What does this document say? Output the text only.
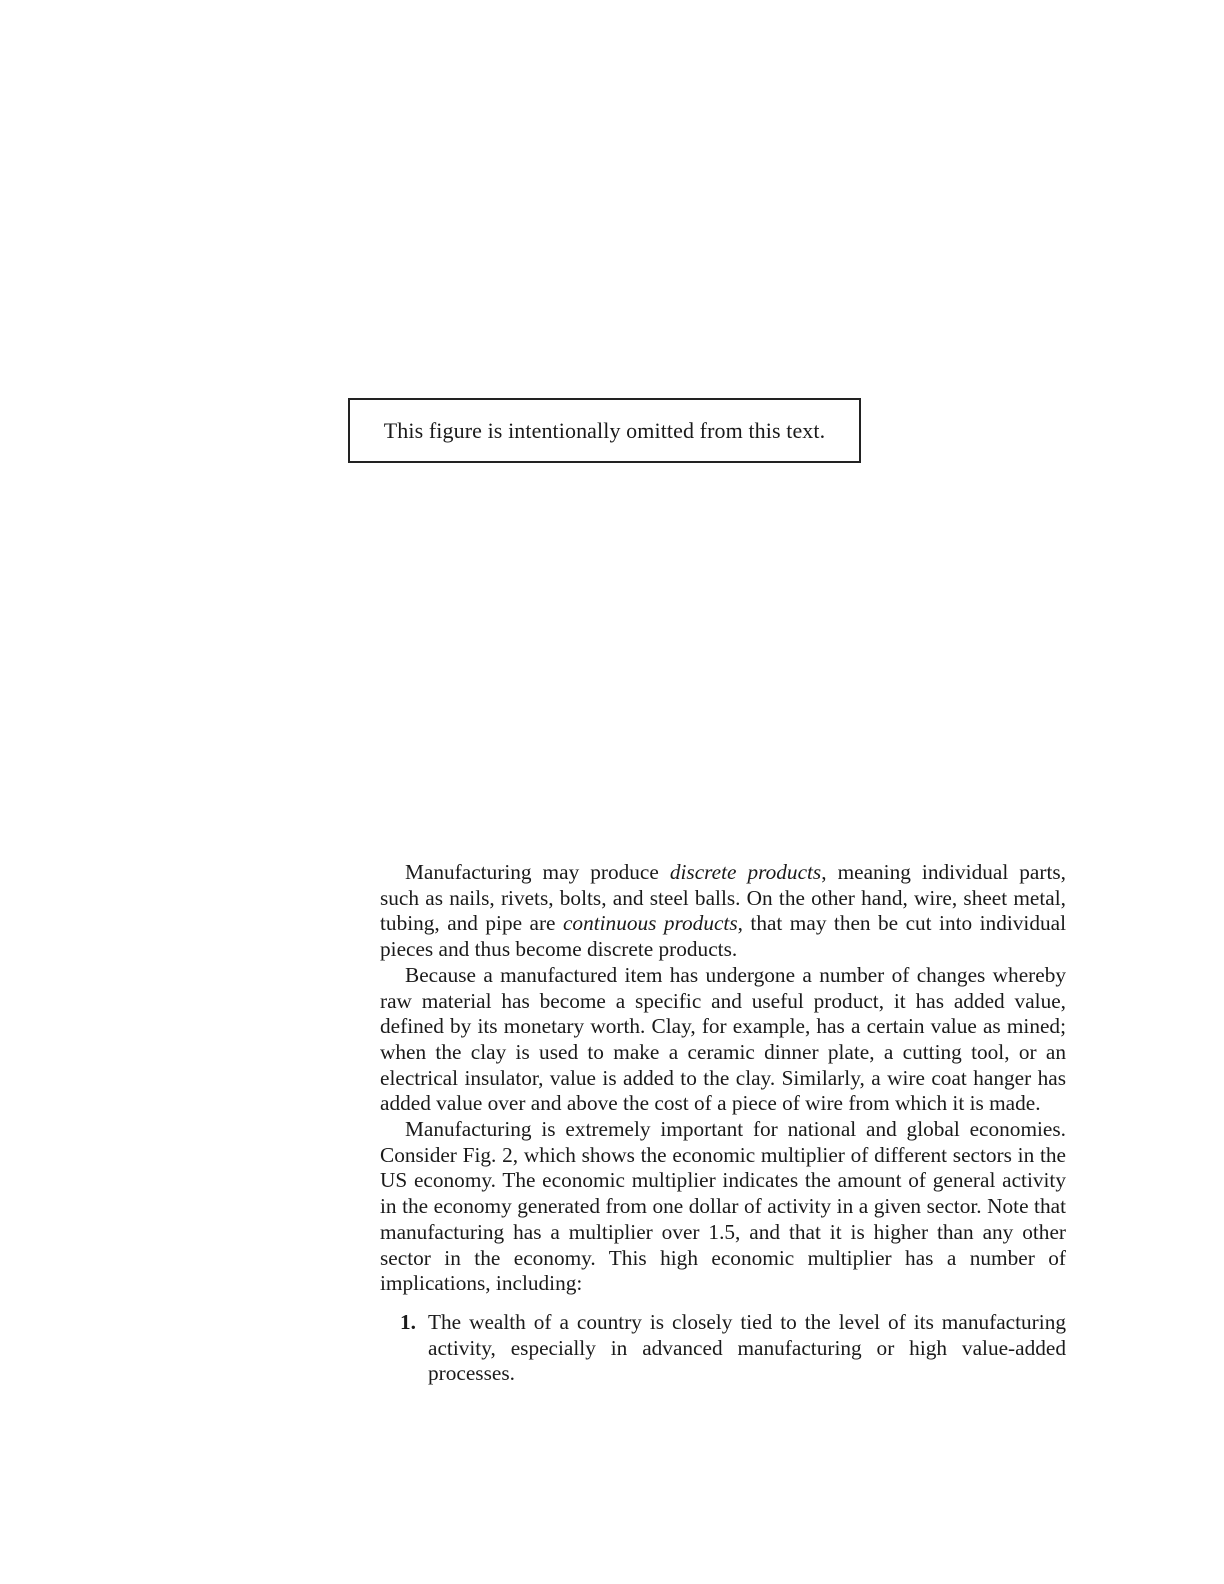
This figure is intentionally omitted from this text.

Manufacturing may produce discrete products, meaning individual parts, such as nails, rivets, bolts, and steel balls. On the other hand, wire, sheet metal, tubing, and pipe are continuous products, that may then be cut into individual pieces and thus become discrete products.

Because a manufactured item has undergone a number of changes whereby raw material has become a specific and useful product, it has added value, defined by its monetary worth. Clay, for example, has a certain value as mined; when the clay is used to make a ceramic dinner plate, a cutting tool, or an electrical insulator, value is added to the clay. Similarly, a wire coat hanger has added value over and above the cost of a piece of wire from which it is made.

Manufacturing is extremely important for national and global economies. Consider Fig. 2, which shows the economic multiplier of different sectors in the US economy. The economic multiplier indicates the amount of general activity in the economy generated from one dollar of activity in a given sector. Note that manufacturing has a multiplier over 1.5, and that it is higher than any other sector in the economy. This high economic multiplier has a number of implications, including:

1. The wealth of a country is closely tied to the level of its manufacturing activity, especially in advanced manufacturing or high value-added processes.
